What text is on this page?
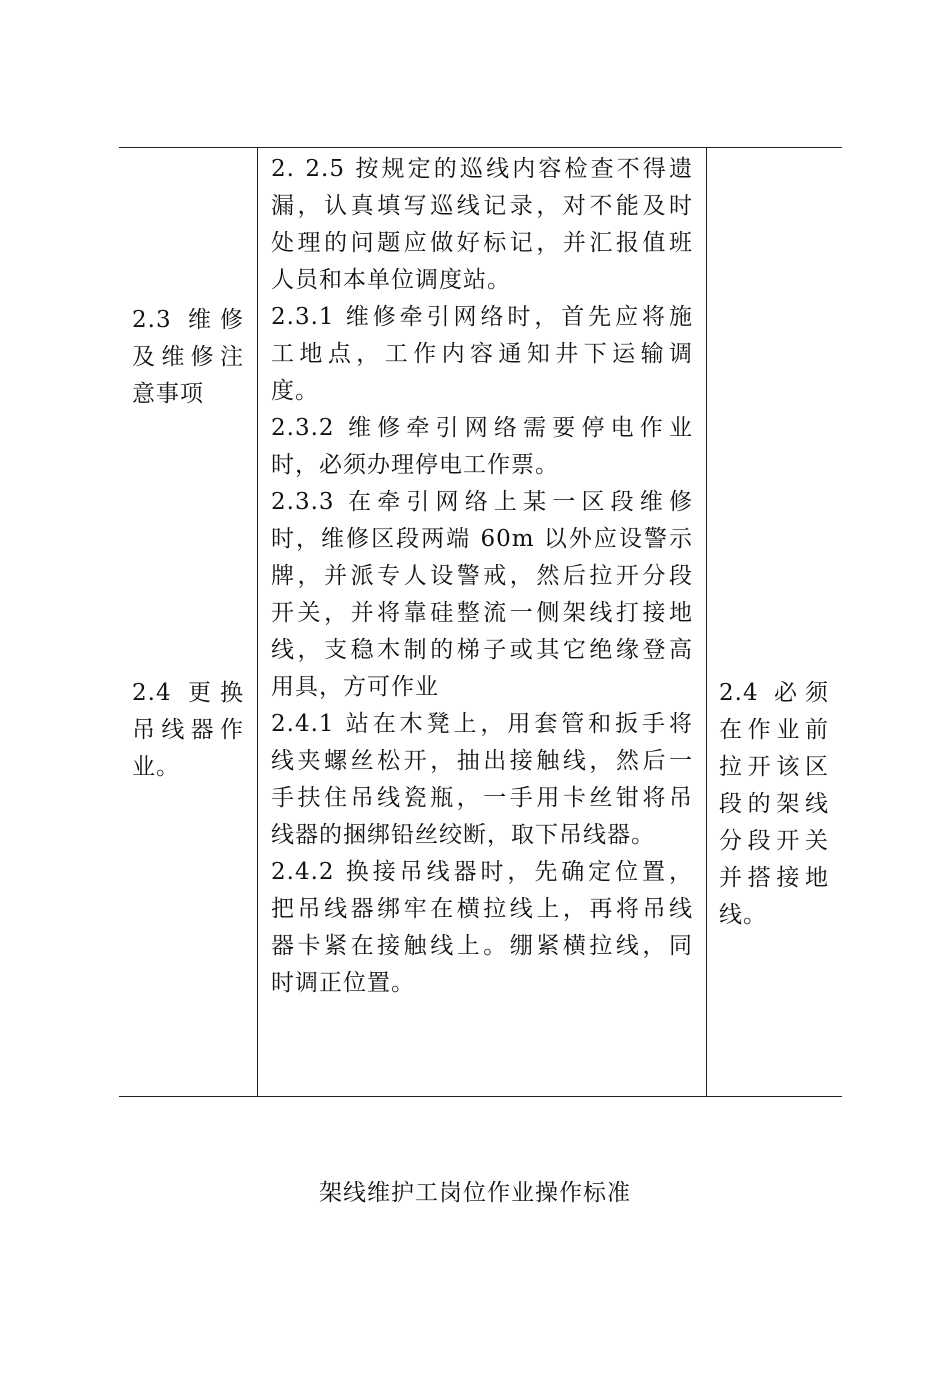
2.3 维修
及维修注
意事项
2.4 更换
吊线器作
业。
2. 2.5 按规定的巡线内容检查不得遗
漏，认真填写巡线记录，对不能及时
处理的问题应做好标记，并汇报值班
人员和本单位调度站。
2.3.1 维修牵引网络时，首先应将施
工地点，工作内容通知井下运输调
度。
2.3.2 维修牵引网络需要停电作业
时，必须办理停电工作票。
2.3.3 在牵引网络上某一区段维修
时，维修区段两端 60m 以外应设警示
牌，并派专人设警戒，然后拉开分段
开关，并将靠硅整流一侧架线打接地
线，支稳木制的梯子或其它绝缘登高
用具，方可作业
2.4.1 站在木凳上，用套管和扳手将
线夹螺丝松开，抽出接触线，然后一
手扶住吊线瓷瓶，一手用卡丝钳将吊
线器的捆绑铅丝绞断，取下吊线器。
2.4.2 换接吊线器时，先确定位置，
把吊线器绑牢在横拉线上，再将吊线
器卡紧在接触线上。绷紧横拉线，同
时调正位置。
2.4 必须
在作业前
拉开该区
段的架线
分段开关
并搭接地
线。
架线维护工岗位作业操作标准
